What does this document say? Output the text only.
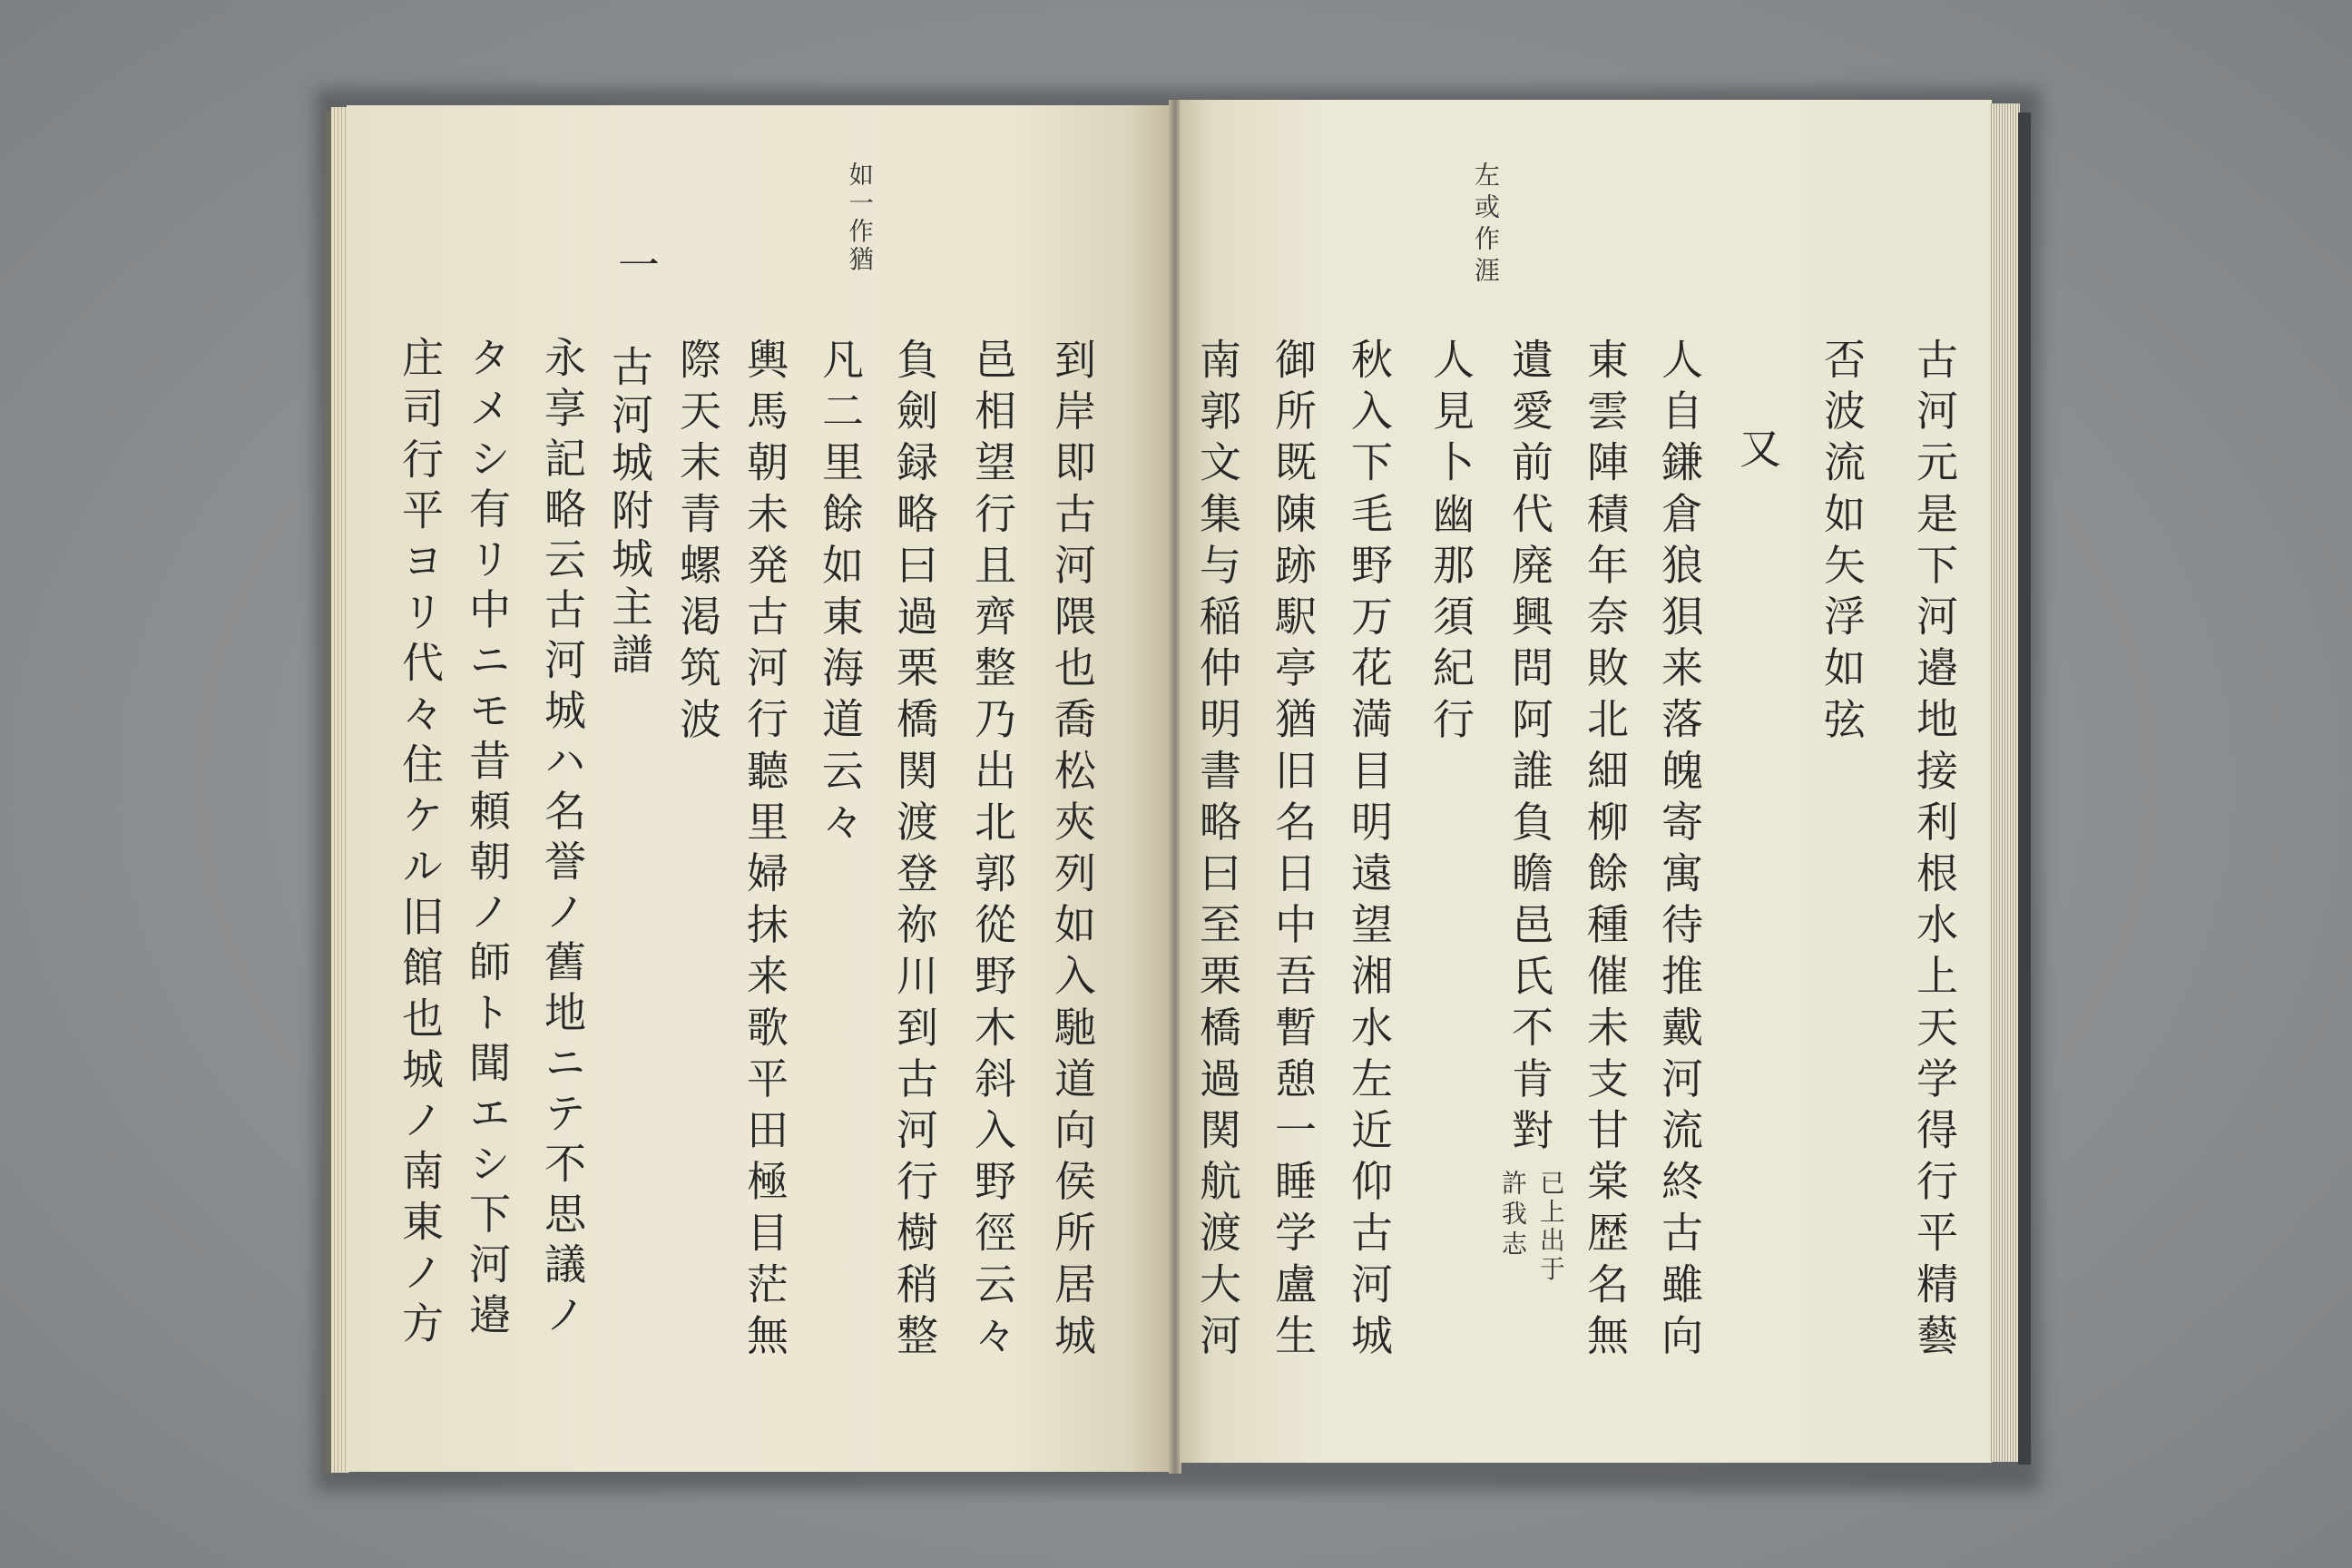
左或作涯
古河元是下河邉地接利根水上天学得行平精藝
否波流如矢浮如弦
又
人自鎌倉狼狽来落魄寄寓待推戴河流終古雖向
東雲陣積年奈敗北細柳餘種催未支甘棠歴名無
遺愛前代廃興問阿誰負瞻邑氏不肯對
已上出于
許我志
人見卜幽那須紀行
秋入下毛野万花満目明遠望湘水左近仰古河城
御所既陳跡駅亭猶旧名日中吾暫憩一睡学盧生
南郭文集与稲仲明書略曰至栗橋過関航渡大河
如一作猶
到岸即古河隈也喬松夾列如入馳道向侯所居城
邑相望行且齊整乃出北郭從野木斜入野徑云々
負劍録略曰過栗橋関渡登祢川到古河行樹稍整
凡二里餘如東海道云々
輿馬朝未発古河行聽里婦抹来歌平田極目茫無
際天末青螺渇筑波
一
古河城附城主譜
永享記略云古河城ハ名誉ノ舊地ニテ不思議ノ
タメシ有リ中ニモ昔頼朝ノ師ト聞エシ下河邉
庄司行平ヨリ代々住ケル旧館也城ノ南東ノ方
